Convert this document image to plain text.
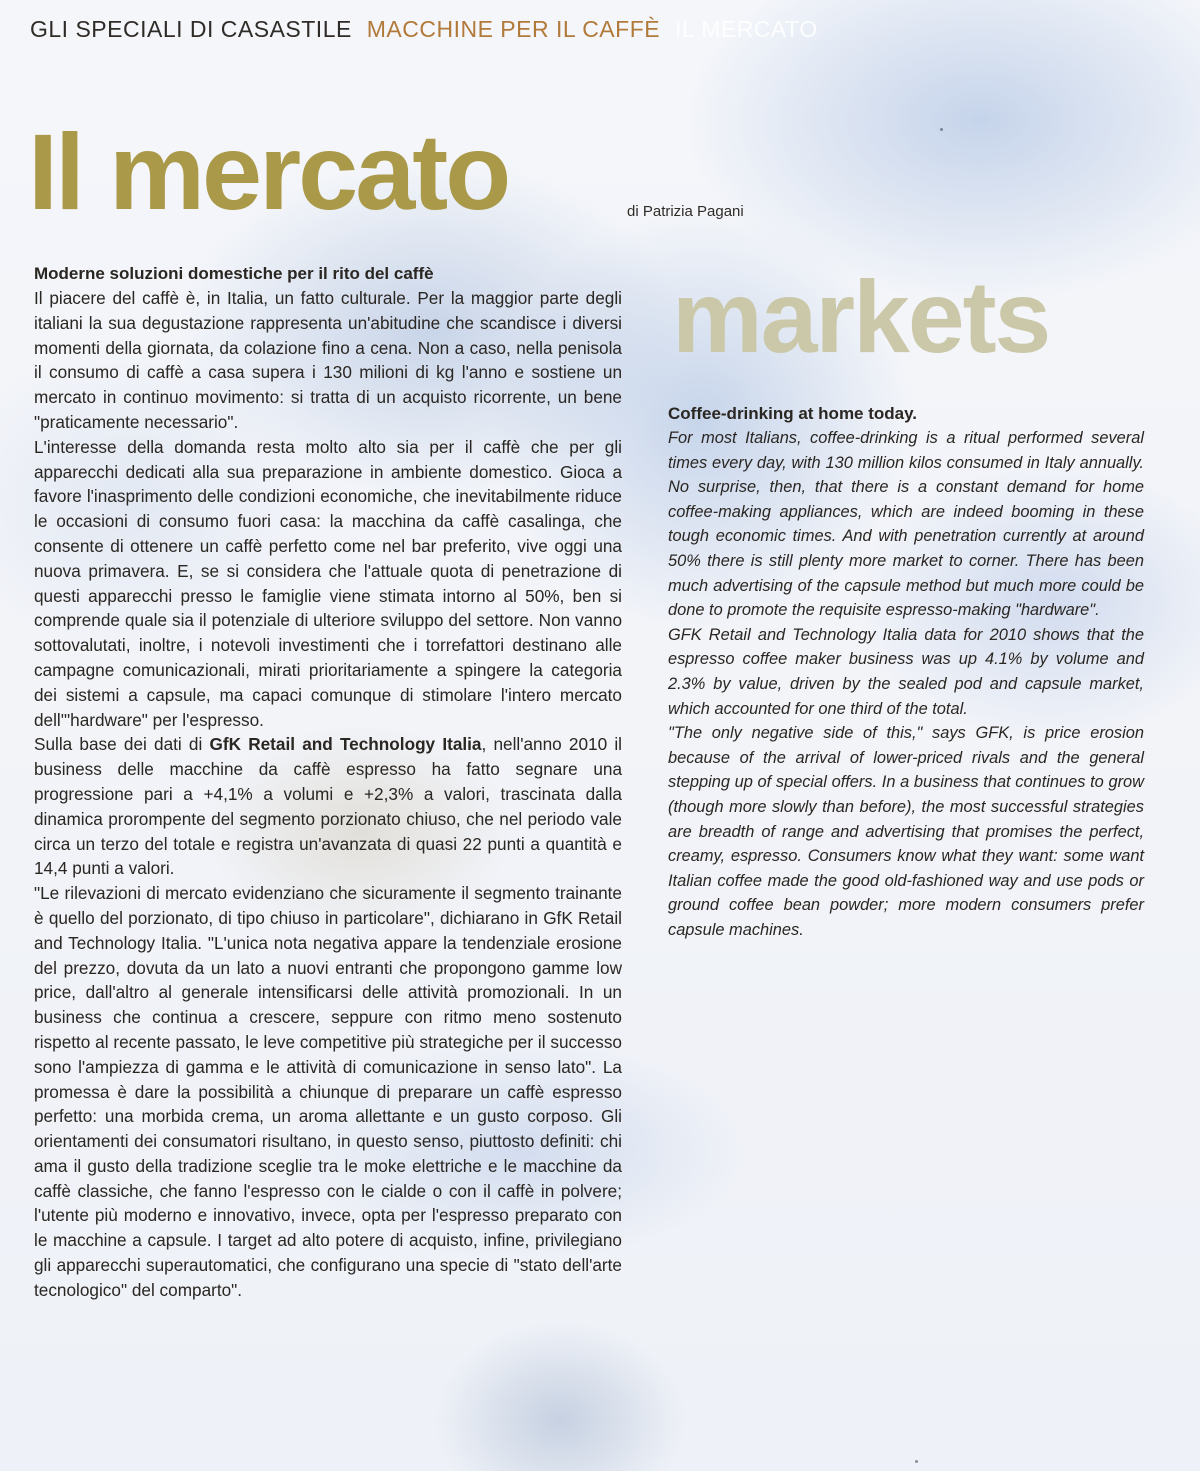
GLI SPECIALI DI CASASTILE MACCHINE PER IL CAFFÈ IL MERCATO
Il mercato	di Patrizia Pagani
markets
Moderne soluzioni domestiche per il rito del caffè
Il piacere del caffè è, in Italia, un fatto culturale. Per la maggior parte degli italiani la sua degustazione rappresenta un'abitudine che scandisce i diversi momenti della giornata, da colazione fino a cena. Non a caso, nella penisola il consumo di caffè a casa supera i 130 milioni di kg l'anno e sostiene un mercato in continuo movimento: si tratta di un acquisto ricorrente, un bene "praticamente necessario".
L'interesse della domanda resta molto alto sia per il caffè che per gli apparecchi dedicati alla sua preparazione in ambiente domestico. Gioca a favore l'inasprimento delle condizioni economiche, che inevitabilmente riduce le occasioni di consumo fuori casa: la macchina da caffè casalinga, che consente di ottenere un caffè perfetto come nel bar preferito, vive oggi una nuova primavera. E, se si considera che l'attuale quota di penetrazione di questi apparecchi presso le famiglie viene stimata intorno al 50%, ben si comprende quale sia il potenziale di ulteriore sviluppo del settore. Non vanno sottovalutati, inoltre, i notevoli investimenti che i torrefattori destinano alle campagne comunicazionali, mirati prioritariamente a spingere la categoria dei sistemi a capsule, ma capaci comunque di stimolare l'intero mercato dell'"hardware" per l'espresso.
Sulla base dei dati di GfK Retail and Technology Italia, nell'anno 2010 il business delle macchine da caffè espresso ha fatto segnare una progressione pari a +4,1% a volumi e +2,3% a valori, trascinata dalla dinamica prorompente del segmento porzionato chiuso, che nel periodo vale circa un terzo del totale e registra un'avanzata di quasi 22 punti a quantità e 14,4 punti a valori.
"Le rilevazioni di mercato evidenziano che sicuramente il segmento trainante è quello del porzionato, di tipo chiuso in particolare", dichiarano in GfK Retail and Technology Italia. "L'unica nota negativa appare la tendenziale erosione del prezzo, dovuta da un lato a nuovi entranti che propongono gamme low price, dall'altro al generale intensificarsi delle attività promozionali. In un business che continua a crescere, seppure con ritmo meno sostenuto rispetto al recente passato, le leve competitive più strategiche per il successo sono l'ampiezza di gamma e le attività di comunicazione in senso lato". La promessa è dare la possibilità a chiunque di preparare un caffè espresso perfetto: una morbida crema, un aroma allettante e un gusto corposo. Gli orientamenti dei consumatori risultano, in questo senso, piuttosto definiti: chi ama il gusto della tradizione sceglie tra le moke elettriche e le macchine da caffè classiche, che fanno l'espresso con le cialde o con il caffè in polvere; l'utente più moderno e innovativo, invece, opta per l'espresso preparato con le macchine a capsule. I target ad alto potere di acquisto, infine, privilegiano gli apparecchi superautomatici, che configurano una specie di "stato dell'arte tecnologico" del comparto".
Coffee-drinking at home today.
For most Italians, coffee-drinking is a ritual performed several times every day, with 130 million kilos consumed in Italy annually. No surprise, then, that there is a constant demand for home coffee-making appliances, which are indeed booming in these tough economic times. And with penetration currently at around 50% there is still plenty more market to corner. There has been much advertising of the capsule method but much more could be done to promote the requisite espresso-making "hardware".
GFK Retail and Technology Italia data for 2010 shows that the espresso coffee maker business was up 4.1% by volume and 2.3% by value, driven by the sealed pod and capsule market, which accounted for one third of the total.
"The only negative side of this," says GFK, is price erosion because of the arrival of lower-priced rivals and the general stepping up of special offers. In a business that continues to grow (though more slowly than before), the most successful strategies are breadth of range and advertising that promises the perfect, creamy, espresso. Consumers know what they want: some want Italian coffee made the good old-fashioned way and use pods or ground coffee bean powder; more modern consumers prefer capsule machines.
